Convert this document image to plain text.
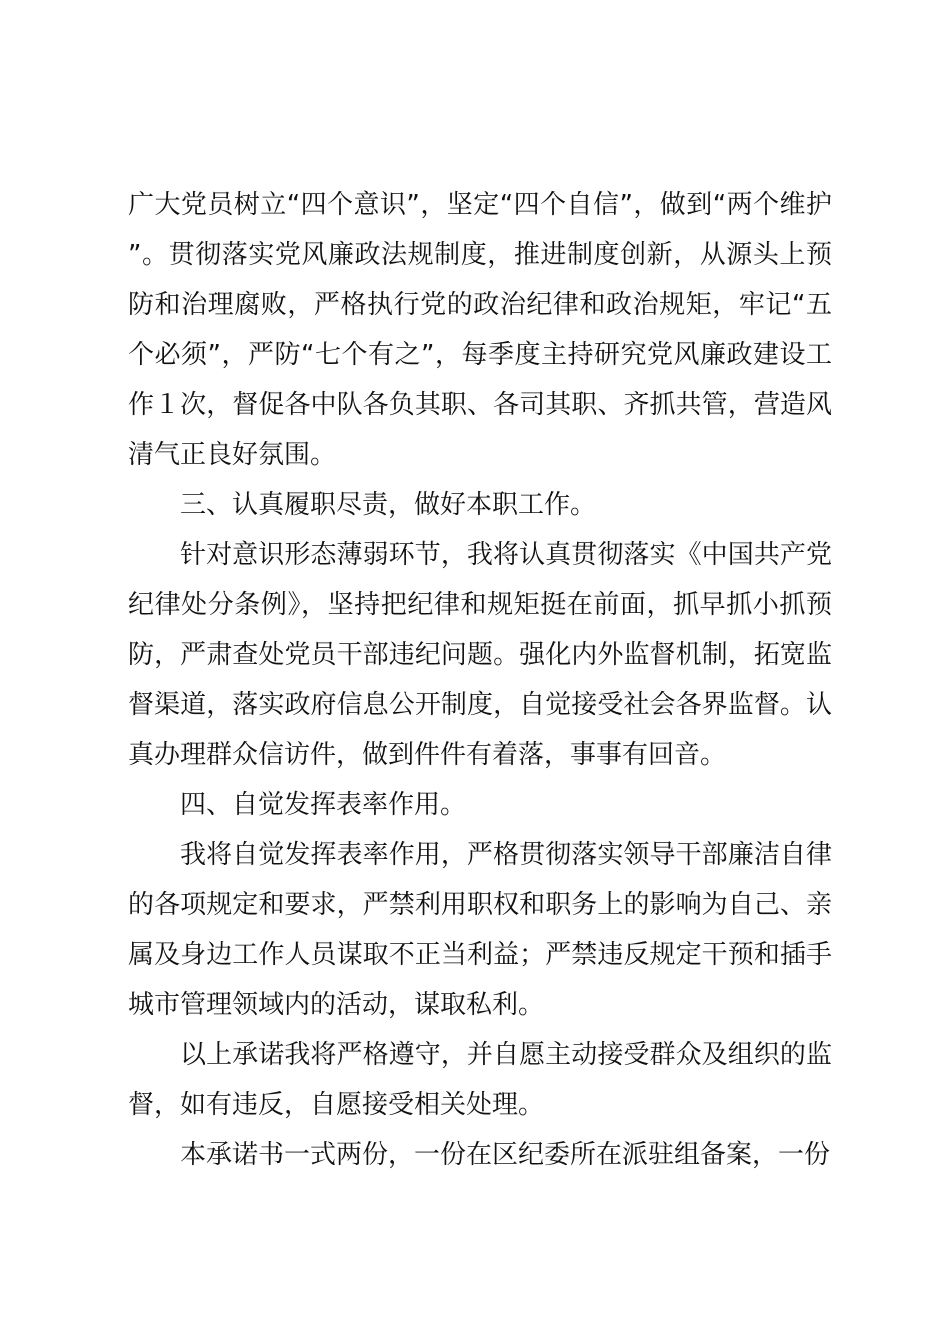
广大党员树立“四个意识”，坚定“四个自信”，做到“两个维护”。贯彻落实党风廉政法规制度，推进制度创新，从源头上预防和治理腐败，严格执行党的政治纪律和政治规矩，牢记“五个必须”，严防“七个有之”，每季度主持研究党风廉政建设工作１次，督促各中队各负其职、各司其职、齐抓共管，营造风清气正良好氛围。

三、认真履职尽责，做好本职工作。

针对意识形态薄弱环节，我将认真贯彻落实《中国共产党纪律处分条例》，坚持把纪律和规矩挺在前面，抓早抓小抓预防，严肃查处党员干部违纪问题。强化内外监督机制，拓宽监督渠道，落实政府信息公开制度，自觉接受社会各界监督。认真办理群众信访件，做到件件有着落，事事有回音。

四、自觉发挥表率作用。

我将自觉发挥表率作用，严格贯彻落实领导干部廉洁自律的各项规定和要求，严禁利用职权和职务上的影响为自己、亲属及身边工作人员谋取不正当利益；严禁违反规定干预和插手城市管理领域内的活动，谋取私利。

以上承诺我将严格遵守，并自愿主动接受群众及组织的监督，如有违反，自愿接受相关处理。

本承诺书一式两份，一份在区纪委所在派驻组备案，一份
